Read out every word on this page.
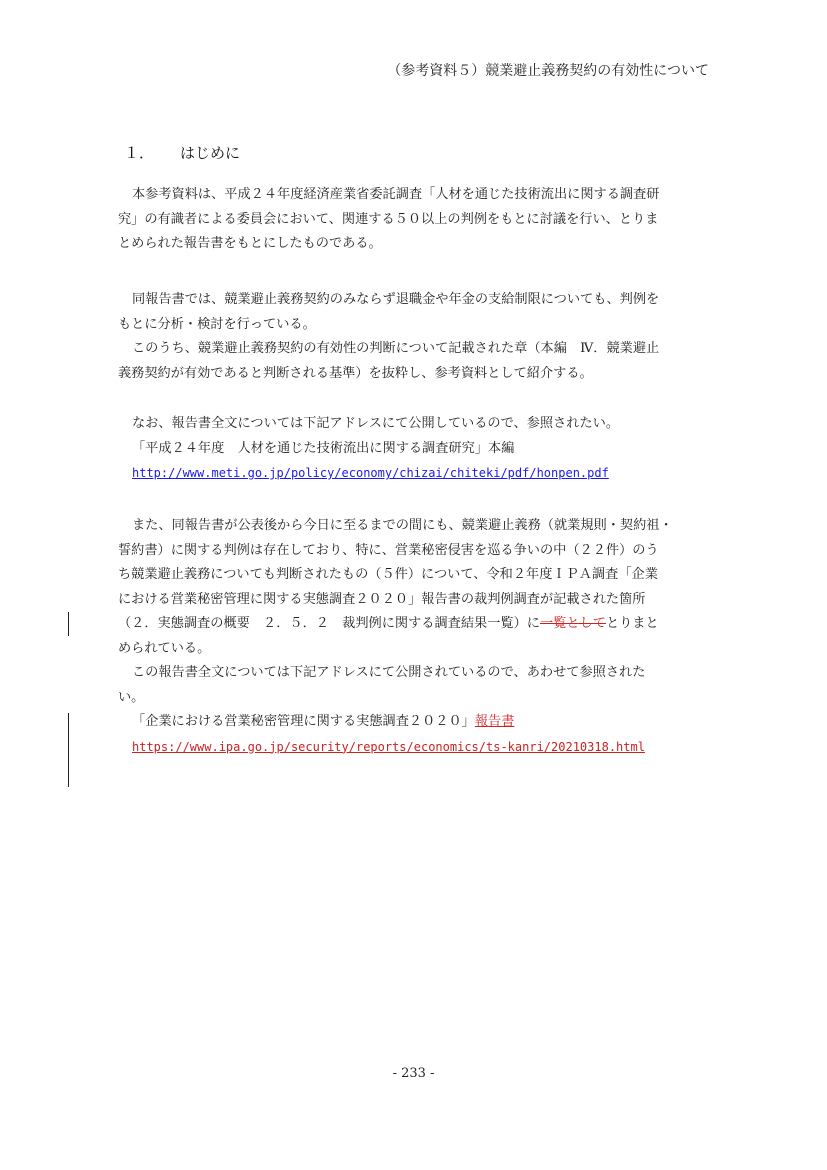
（参考資料５）競業避止義務契約の有効性について
１． はじめに
本参考資料は、平成２４年度経済産業省委託調査「人材を通じた技術流出に関する調査研
究」の有識者による委員会において、関連する５０以上の判例をもとに討議を行い、とりま
とめられた報告書をもとにしたものである。
同報告書では、競業避止義務契約のみならず退職金や年金の支給制限についても、判例を
もとに分析・検討を行っている。
このうち、競業避止義務契約の有効性の判断について記載された章（本編　Ⅳ．競業避止
義務契約が有効であると判断される基準）を抜粋し、参考資料として紹介する。
なお、報告書全文については下記アドレスにて公開しているので、参照されたい。
「平成２４年度　人材を通じた技術流出に関する調査研究」本編
http://www.meti.go.jp/policy/economy/chizai/chiteki/pdf/honpen.pdf
また、同報告書が公表後から今日に至るまでの間にも、競業避止義務（就業規則・契約祖・
誓約書）に関する判例は存在しており、特に、営業秘密侵害を巡る争いの中（２２件）のう
ち競業避止義務についても判断されたもの（５件）について、令和２年度ＩＰＡ調査「企業
における営業秘密管理に関する実態調査２０２０」報告書の裁判例調査が記載された箇所
（２．実態調査の概要　２．５．２　裁判例に関する調査結果一覧）に一覧としてとりまと
められている。
この報告書全文については下記アドレスにて公開されているので、あわせて参照された
い。
「企業における営業秘密管理に関する実態調査２０２０」報告書
https://www.ipa.go.jp/security/reports/economics/ts-kanri/20210318.html
- 233 -
